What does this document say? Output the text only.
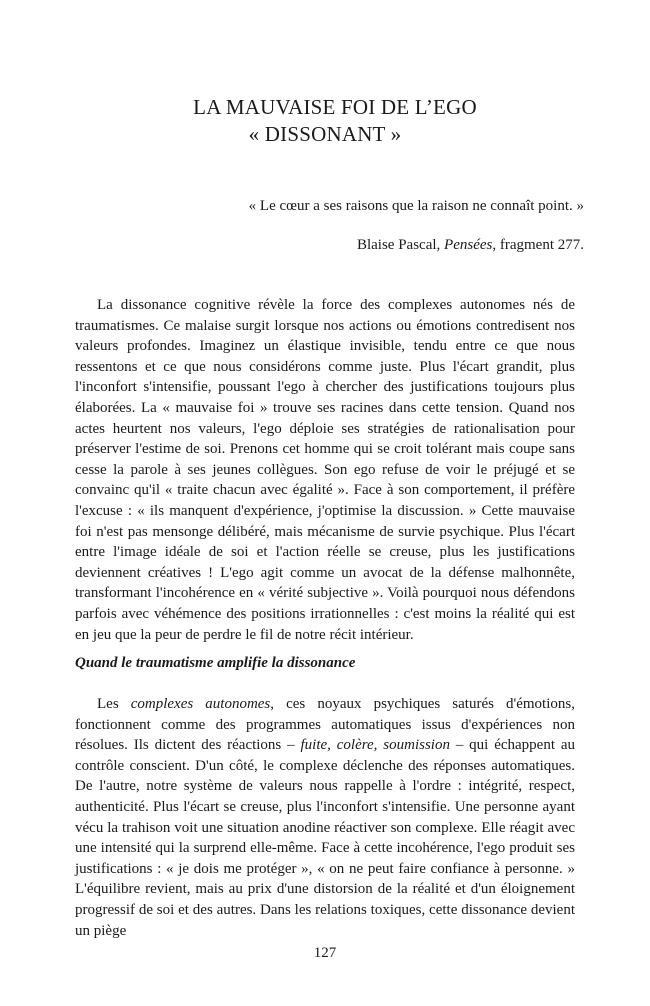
LA MAUVAISE FOI DE L’EGO
« DISSONANT »
« Le cœur a ses raisons que la raison ne connaît point. »
Blaise Pascal, Pensées, fragment 277.
La dissonance cognitive révèle la force des complexes autonomes nés de traumatismes. Ce malaise surgit lorsque nos actions ou émotions contredisent nos valeurs profondes. Imaginez un élastique invisible, tendu entre ce que nous ressentons et ce que nous considérons comme juste. Plus l'écart grandit, plus l'inconfort s'intensifie, poussant l'ego à chercher des justifications toujours plus élaborées. La « mauvaise foi » trouve ses racines dans cette tension. Quand nos actes heurtent nos valeurs, l'ego déploie ses stratégies de rationalisation pour préserver l'estime de soi. Prenons cet homme qui se croit tolérant mais coupe sans cesse la parole à ses jeunes collègues. Son ego refuse de voir le préjugé et se convainc qu'il « traite chacun avec égalité ». Face à son comportement, il préfère l'excuse : « ils manquent d'expérience, j'optimise la discussion. » Cette mauvaise foi n'est pas mensonge délibéré, mais mécanisme de survie psychique. Plus l'écart entre l'image idéale de soi et l'action réelle se creuse, plus les justifications deviennent créatives ! L'ego agit comme un avocat de la défense malhonnête, transformant l'incohérence en « vérité subjective ». Voilà pourquoi nous défendons parfois avec véhémence des positions irrationnelles : c'est moins la réalité qui est en jeu que la peur de perdre le fil de notre récit intérieur.
Quand le traumatisme amplifie la dissonance
Les complexes autonomes, ces noyaux psychiques saturés d'émotions, fonctionnent comme des programmes automatiques issus d'expériences non résolues. Ils dictent des réactions – fuite, colère, soumission – qui échappent au contrôle conscient. D'un côté, le complexe déclenche des réponses automatiques. De l'autre, notre système de valeurs nous rappelle à l'ordre : intégrité, respect, authenticité. Plus l'écart se creuse, plus l'inconfort s'intensifie. Une personne ayant vécu la trahison voit une situation anodine réactiver son complexe. Elle réagit avec une intensité qui la surprend elle-même. Face à cette incohérence, l'ego produit ses justifications : « je dois me protéger », « on ne peut faire confiance à personne. » L'équilibre revient, mais au prix d'une distorsion de la réalité et d'un éloignement progressif de soi et des autres. Dans les relations toxiques, cette dissonance devient un piège
127
